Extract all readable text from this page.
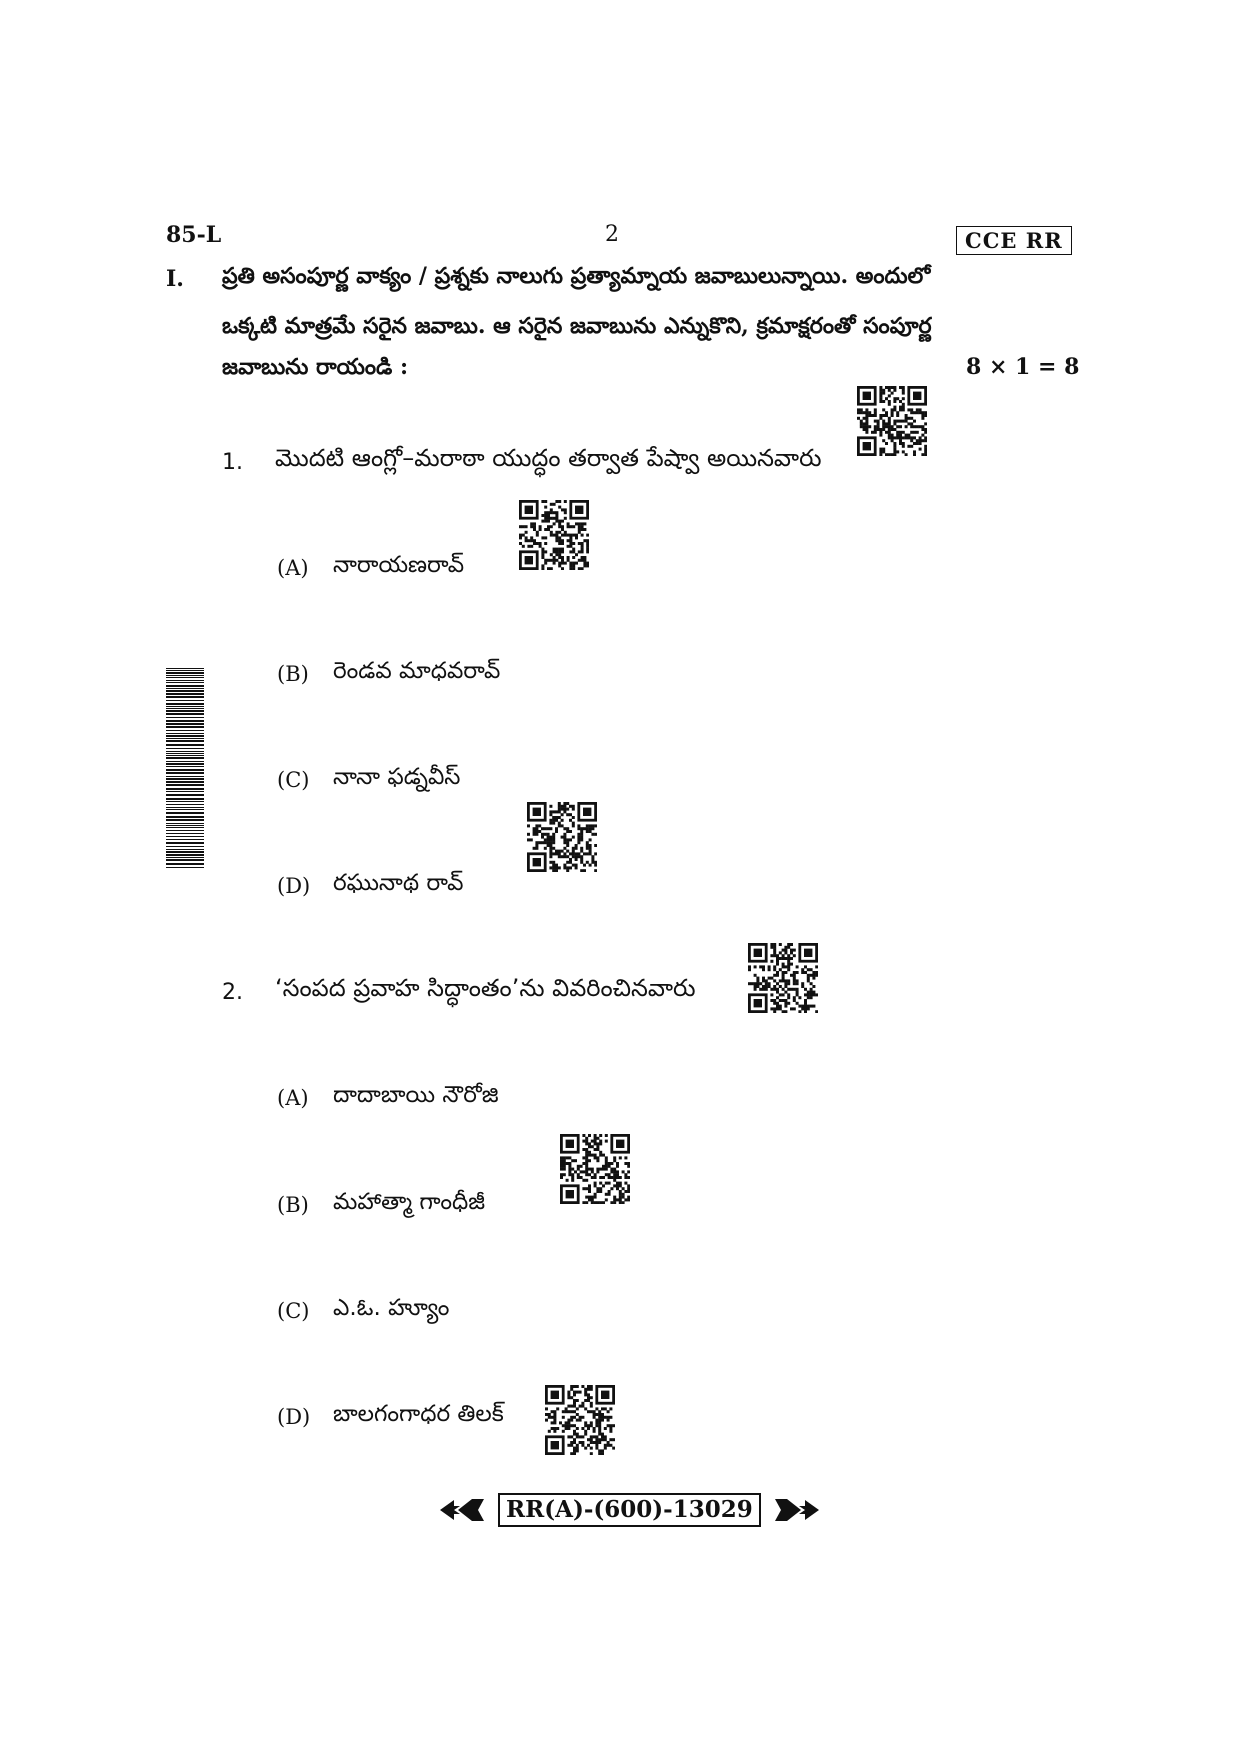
85-L	2	CCE RR
I. ప్రతి అసంపూర్ణ వాక్యం / ప్రశ్నకు నాలుగు ప్రత్యామ్నాయ జవాబులున్నాయి. అందులో
ఒక్కటి మాత్రమే సరైన జవాబు. ఆ సరైన జవాబును ఎన్నుకొని, క్రమాక్షరంతో సంపూర్ణ
జవాబును రాయండి :	8 × 1 = 8
1. మొదటి ఆంగ్లో–మరాఠా యుద్ధం తర్వాత పేష్వా అయినవారు
(A) నారాయణరావ్
(B) రెండవ మాధవరావ్
(C) నానా ఫడ్నవీస్
(D) రఘునాథ రావ్
2. ‘సంపద ప్రవాహ సిద్ధాంతం’ను వివరించినవారు
(A) దాదాబాయి నౌరోజి
(B) మహాత్మా గాంధీజీ
(C) ఎ.ఓ. హ్యూం
(D) బాలగంగాధర తిలక్
RR(A)-(600)-13029
